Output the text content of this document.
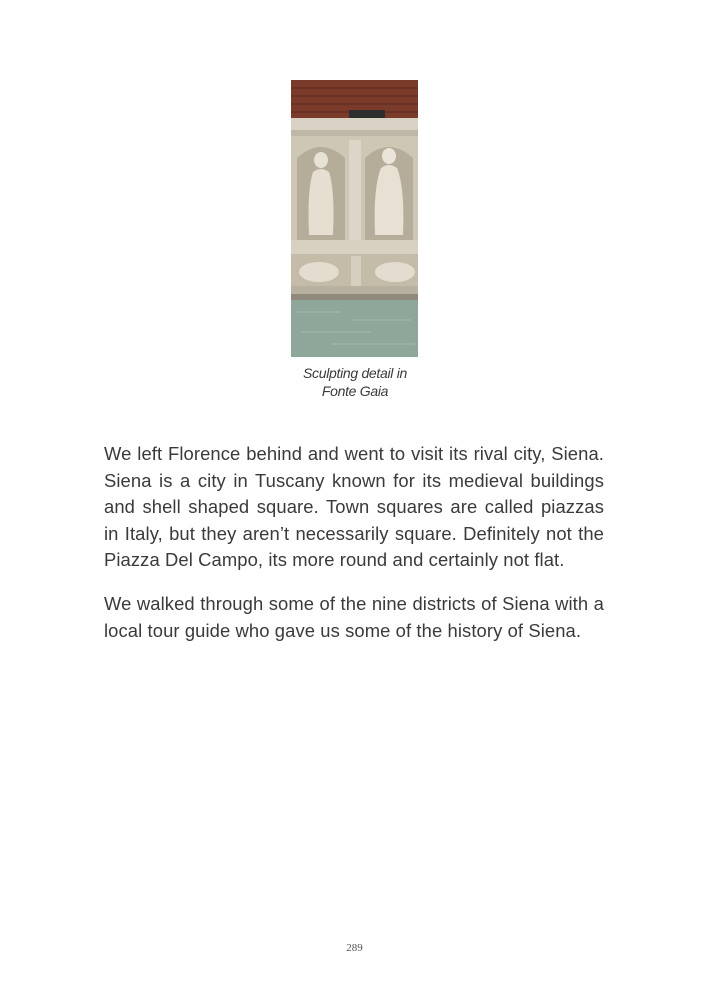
Sculpting detail in
Fonte Gaia

We left Florence behind and went to visit its rival city, Siena. Siena is a city in Tuscany known for its medieval buildings and shell shaped square. Town squares are called piazzas in Italy, but they aren’t necessarily square. Definitely not the Piazza Del Campo, its more round and certainly not flat.

We walked through some of the nine districts of Siena with a local tour guide who gave us some of the history of Siena.

289
